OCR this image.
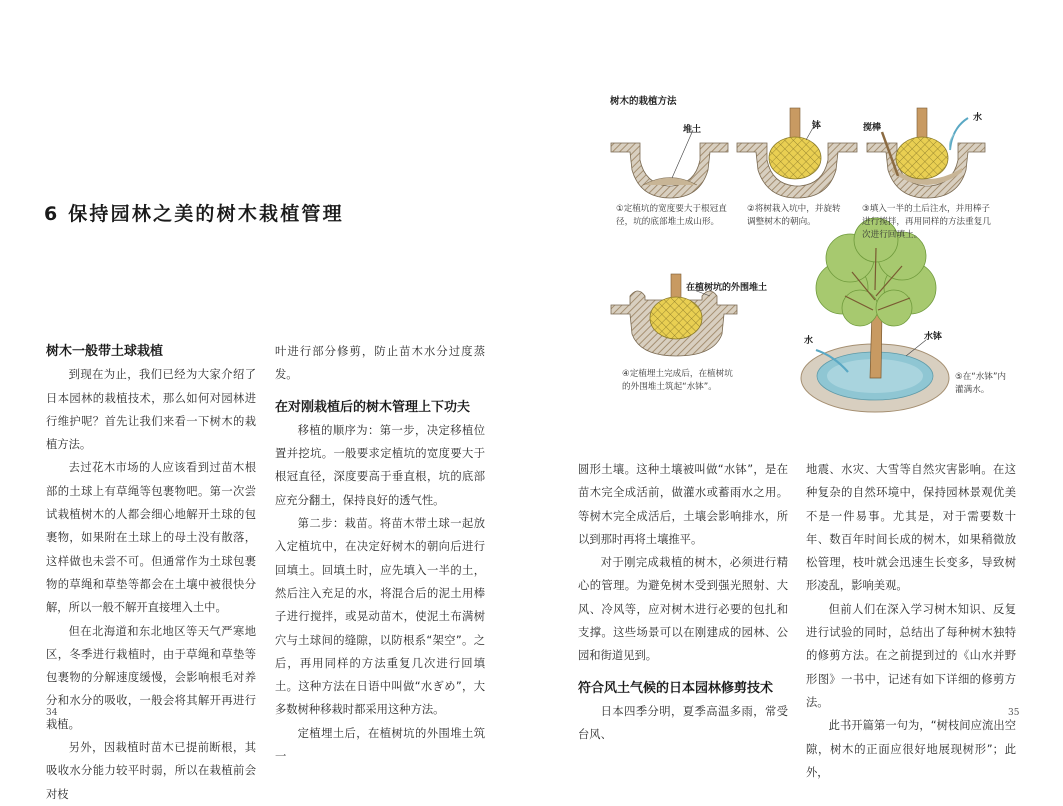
6 保持园林之美的树木栽植管理
树木一般带土球栽植

到现在为止，我们已经为大家介绍了日本园林的栽植技术，那么如何对园林进行维护呢？首先让我们来看一下树木的栽植方法。

去过花木市场的人应该看到过苗木根部的土球上有草绳等包裹物吧。第一次尝试栽植树木的人都会细心地解开土球的包裹物，如果附在土球上的母土没有散落，这样做也未尝不可。但通常作为土球包裹物的草绳和草垫等都会在土壤中被很快分解，所以一般不解开直接埋入土中。

但在北海道和东北地区等天气严寒地区，冬季进行栽植时，由于草绳和草垫等包裹物的分解速度缓慢，会影响根毛对养分和水分的吸收，一般会将其解开再进行栽植。

另外，因栽植时苗木已提前断根，其吸收水分能力较平时弱，所以在栽植前会对枝

叶进行部分修剪，防止苗木水分过度蒸发。

在对刚栽植后的树木管理上下功夫

移植的顺序为：第一步，决定移植位置并挖坑。一般要求定植坑的宽度要大于根冠直径，深度要高于垂直根，坑的底部应充分翻土，保持良好的透气性。

第二步：栽苗。将苗木带土球一起放入定植坑中，在决定好树木的朝向后进行回填土。回填土时，应先填入一半的土，然后注入充足的水，将混合后的泥土用棒子进行搅拌，或晃动苗木，使泥土布满树穴与土球间的缝隙，以防根系“架空”。之后，再用同样的方法重复几次进行回填土。这种方法在日语中叫做“水ぎめ”，大多数树种移栽时都采用这种方法。

定植埋土后，在植树坑的外围堆土筑一

圆形土壤。这种土壤被叫做“水钵”，是在苗木完全成活前，做灌水或蓄雨水之用。等树木完全成活后，土壤会影响排水，所以到那时再将土壤推平。

对于刚完成栽植的树木，必须进行精心的管理。为避免树木受到强光照射、大风、冷风等，应对树木进行必要的包扎和支撑。这些场景可以在刚建成的园林、公园和街道见到。

符合风土气候的日本园林修剪技术

日本四季分明，夏季高温多雨，常受台风、

地震、水灾、大雪等自然灾害影响。在这种复杂的自然环境中，保持园林景观优美不是一件易事。尤其是，对于需要数十年、数百年时间长成的树木，如果稍微放松管理，枝叶就会迅速生长变多，导致树形凌乱，影响美观。

但前人们在深入学习树木知识、反复进行试验的同时，总结出了每种树木独特的修剪方法。在之前提到过的《山水并野形图》一书中，记述有如下详细的修剪方法。

此书开篇第一句为，“树枝间应流出空隙，树木的正面应很好地展现树形”；此外，

34	35
树木的栽植方法
堆土	钵	搅棒
水
在植树坑的外围堆土
水	水钵
①定植坑的宽度要大于根冠直径，坑的底部堆土成山形。
②将树栽入坑中，并旋转调整树木的朝向。
③填入一半的土后注水，并用棒子进行搅拌，再用同样的方法重复几次进行回填土。
④定植埋土完成后，在植树坑的外围堆土筑起“水钵”。
⑤在“水钵”内灌满水。
